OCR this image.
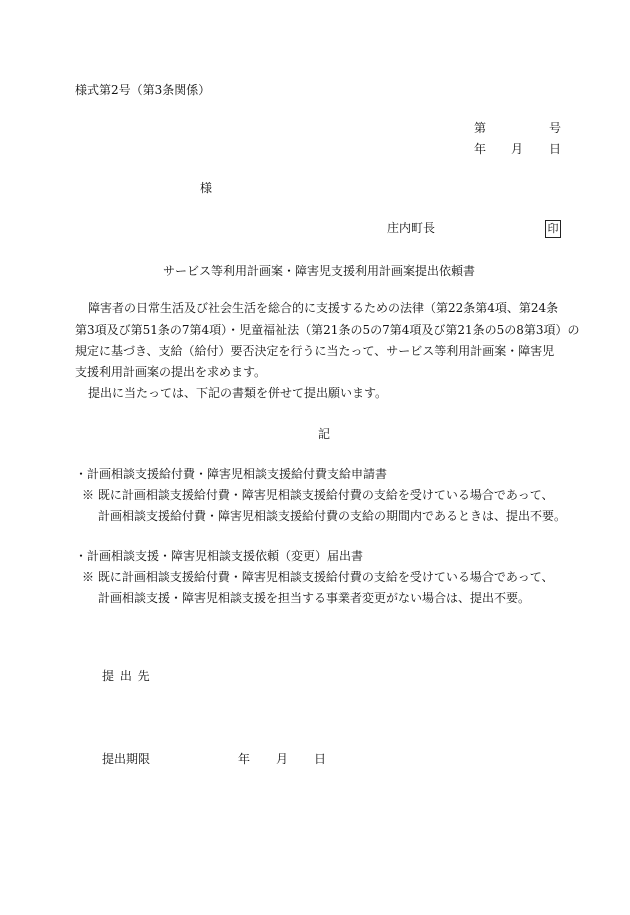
様式第2号（第3条関係）
第	号
年 月 日
様
庄内町長	印
サービス等利用計画案・障害児支援利用計画案提出依頼書
障害者の日常生活及び社会生活を総合的に支援するための法律（第22条第4項、第24条
第3項及び第51条の7第4項）・児童福祉法（第21条の5の7第4項及び第21条の5の8第3項）の
規定に基づき、支給（給付）要否決定を行うに当たって、サービス等利用計画案・障害児
支援利用計画案の提出を求めます。
提出に当たっては、下記の書類を併せて提出願います。
記
・計画相談支援給付費・障害児相談支援給付費支給申請書
※ 既に計画相談支援給付費・障害児相談支援給付費の支給を受けている場合であって、
計画相談支援給付費・障害児相談支援給付費の支給の期間内であるときは、提出不要。
・計画相談支援・障害児相談支援依頼（変更）届出書
※ 既に計画相談支援給付費・障害児相談支援給付費の支給を受けている場合であって、
計画相談支援・障害児相談支援を担当する事業者変更がない場合は、提出不要。
提 出 先
提出期限	年 月 日
